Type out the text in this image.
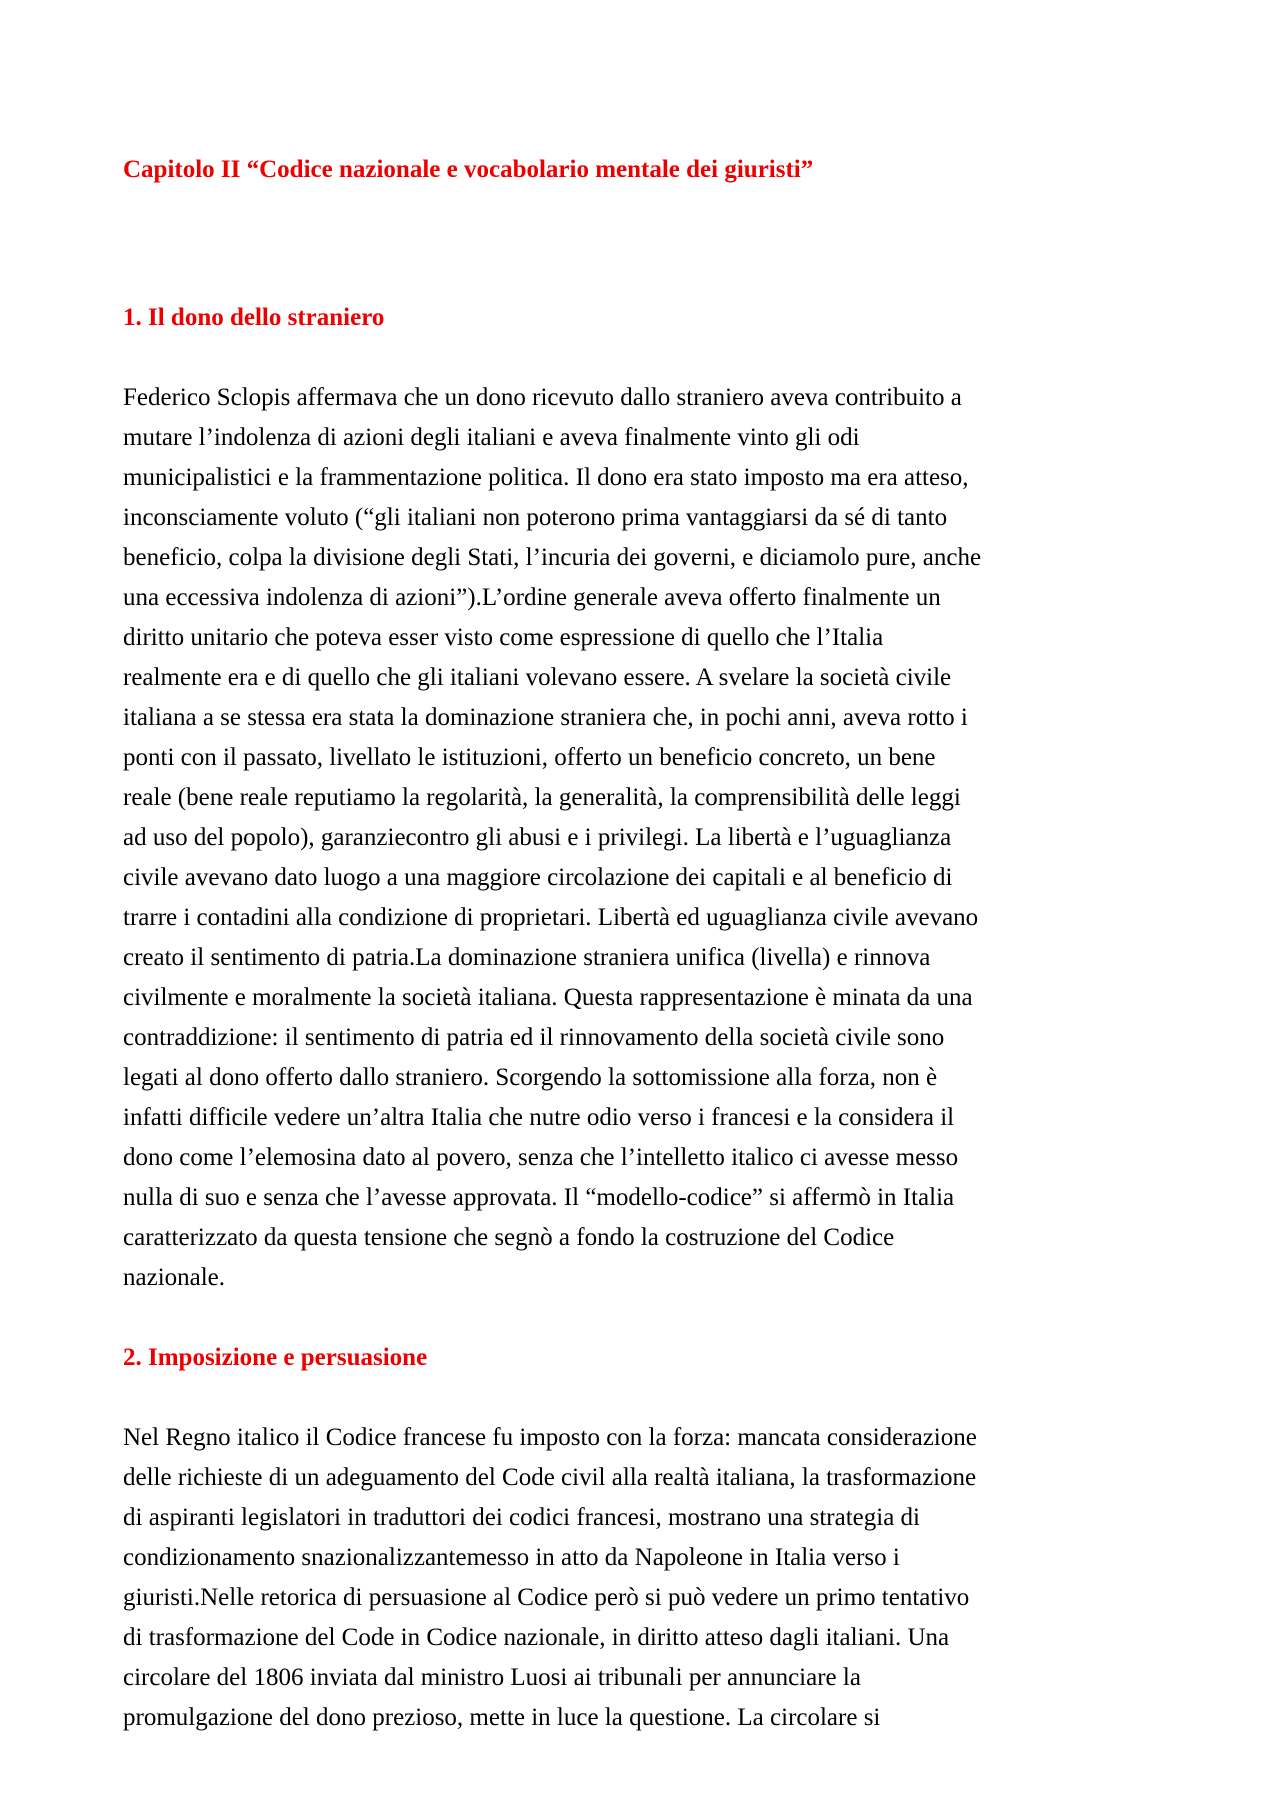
Capitolo II “Codice nazionale e vocabolario mentale dei giuristi”
1. Il dono dello straniero

Federico Sclopis affermava che un dono ricevuto dallo straniero aveva contribuito a
mutare l’indolenza di azioni degli italiani e aveva finalmente vinto gli odi
municipalistici e la frammentazione politica. Il dono era stato imposto ma era atteso,
inconsciamente voluto (“gli italiani non poterono prima vantaggiarsi da sé di tanto
beneficio, colpa la divisione degli Stati, l’incuria dei governi, e diciamolo pure, anche
una eccessiva indolenza di azioni”).L’ordine generale aveva offerto finalmente un
diritto unitario che poteva esser visto come espressione di quello che l’Italia
realmente era e di quello che gli italiani volevano essere. A svelare la società civile
italiana a se stessa era stata la dominazione straniera che, in pochi anni, aveva rotto i
ponti con il passato, livellato le istituzioni, offerto un beneficio concreto, un bene
reale (bene reale reputiamo la regolarità, la generalità, la comprensibilità delle leggi
ad uso del popolo), garanziecontro gli abusi e i privilegi. La libertà e l’uguaglianza
civile avevano dato luogo a una maggiore circolazione dei capitali e al beneficio di
trarre i contadini alla condizione di proprietari. Libertà ed uguaglianza civile avevano
creato il sentimento di patria.La dominazione straniera unifica (livella) e rinnova
civilmente e moralmente la società italiana. Questa rappresentazione è minata da una
contraddizione: il sentimento di patria ed il rinnovamento della società civile sono
legati al dono offerto dallo straniero. Scorgendo la sottomissione alla forza, non è
infatti difficile vedere un’altra Italia che nutre odio verso i francesi e la considera il
dono come l’elemosina dato al povero, senza che l’intelletto italico ci avesse messo
nulla di suo e senza che l’avesse approvata. Il “modello-codice” si affermò in Italia
caratterizzato da questa tensione che segnò a fondo la costruzione del Codice
nazionale.

2. Imposizione e persuasione

Nel Regno italico il Codice francese fu imposto con la forza: mancata considerazione
delle richieste di un adeguamento del Code civil alla realtà italiana, la trasformazione
di aspiranti legislatori in traduttori dei codici francesi, mostrano una strategia di
condizionamento snazionalizzantemesso in atto da Napoleone in Italia verso i
giuristi.Nelle retorica di persuasione al Codice però si può vedere un primo tentativo
di trasformazione del Code in Codice nazionale, in diritto atteso dagli italiani. Una
circolare del 1806 inviata dal ministro Luosi ai tribunali per annunciare la
promulgazione del dono prezioso, mette in luce la questione. La circolare si
